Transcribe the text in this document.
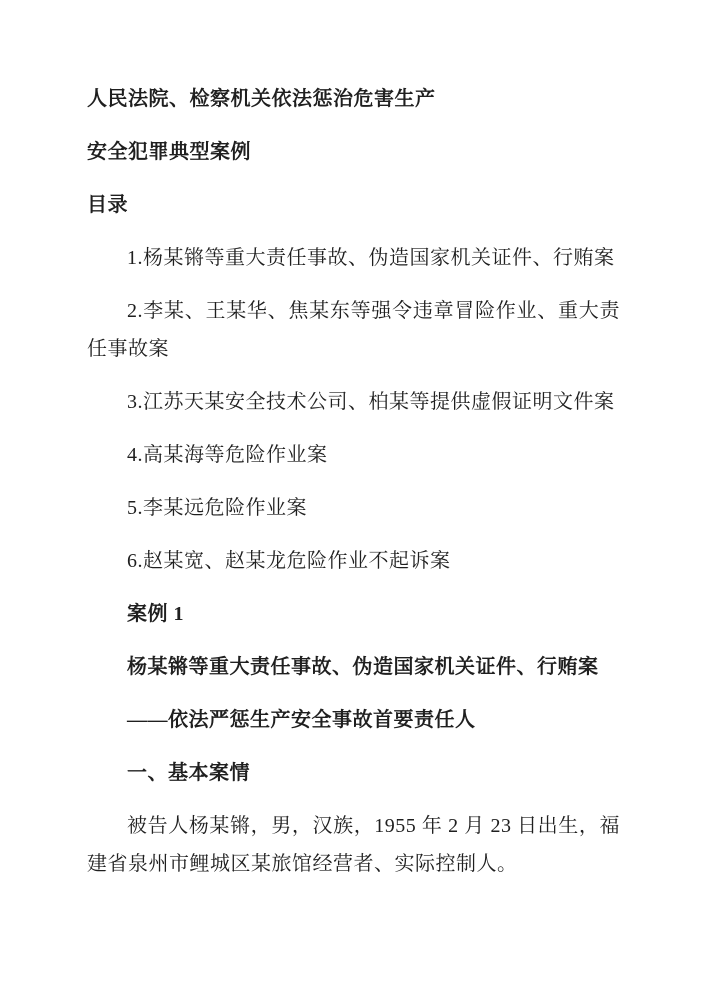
人民法院、检察机关依法惩治危害生产

安全犯罪典型案例

目录

1.杨某锵等重大责任事故、伪造国家机关证件、行贿案

2.李某、王某华、焦某东等强令违章冒险作业、重大责任事故案

3.江苏天某安全技术公司、柏某等提供虚假证明文件案

4.高某海等危险作业案

5.李某远危险作业案

6.赵某宽、赵某龙危险作业不起诉案

案例 1

杨某锵等重大责任事故、伪造国家机关证件、行贿案

——依法严惩生产安全事故首要责任人

一、基本案情

被告人杨某锵，男，汉族，1955 年 2 月 23 日出生，福建省泉州市鲤城区某旅馆经营者、实际控制人。
